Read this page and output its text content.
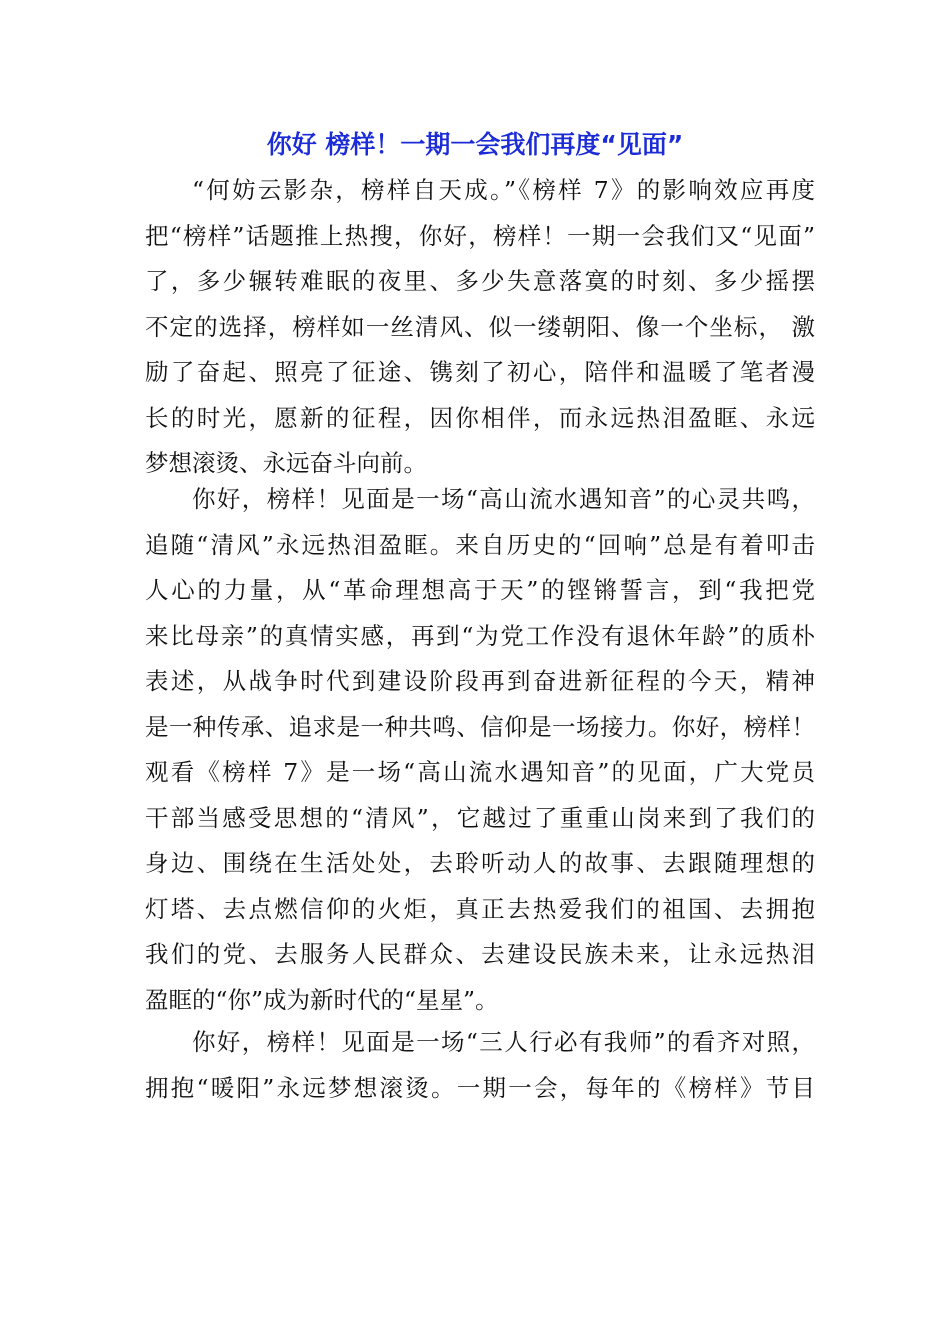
你好 榜样！一期一会我们再度“见面”
“何妨云影杂，榜样自天成。”《榜样 7》的影响效应再度
把“榜样”话题推上热搜，你好，榜样！一期一会我们又“见面”
了，多少辗转难眠的夜里、多少失意落寞的时刻、多少摇摆
不定的选择，榜样如一丝清风、似一缕朝阳、像一个坐标， 激
励了奋起、照亮了征途、镌刻了初心，陪伴和温暖了笔者漫
长的时光，愿新的征程，因你相伴，而永远热泪盈眶、永远
梦想滚烫、永远奋斗向前。
你好，榜样！见面是一场“高山流水遇知音”的心灵共鸣，
追随“清风”永远热泪盈眶。来自历史的“回响”总是有着叩击
人心的力量，从“革命理想高于天”的铿锵誓言，到“我把党
来比母亲”的真情实感，再到“为党工作没有退休年龄”的质朴
表述，从战争时代到建设阶段再到奋进新征程的今天，精神
是一种传承、追求是一种共鸣、信仰是一场接力。你好，榜样！
观看《榜样 7》是一场“高山流水遇知音”的见面，广大党员
干部当感受思想的“清风”，它越过了重重山岗来到了我们的
身边、围绕在生活处处，去聆听动人的故事、去跟随理想的
灯塔、去点燃信仰的火炬，真正去热爱我们的祖国、去拥抱
我们的党、去服务人民群众、去建设民族未来，让永远热泪
盈眶的“你”成为新时代的“星星”。
你好，榜样！见面是一场“三人行必有我师”的看齐对照，
拥抱“暖阳”永远梦想滚烫。一期一会，每年的《榜样》节目
